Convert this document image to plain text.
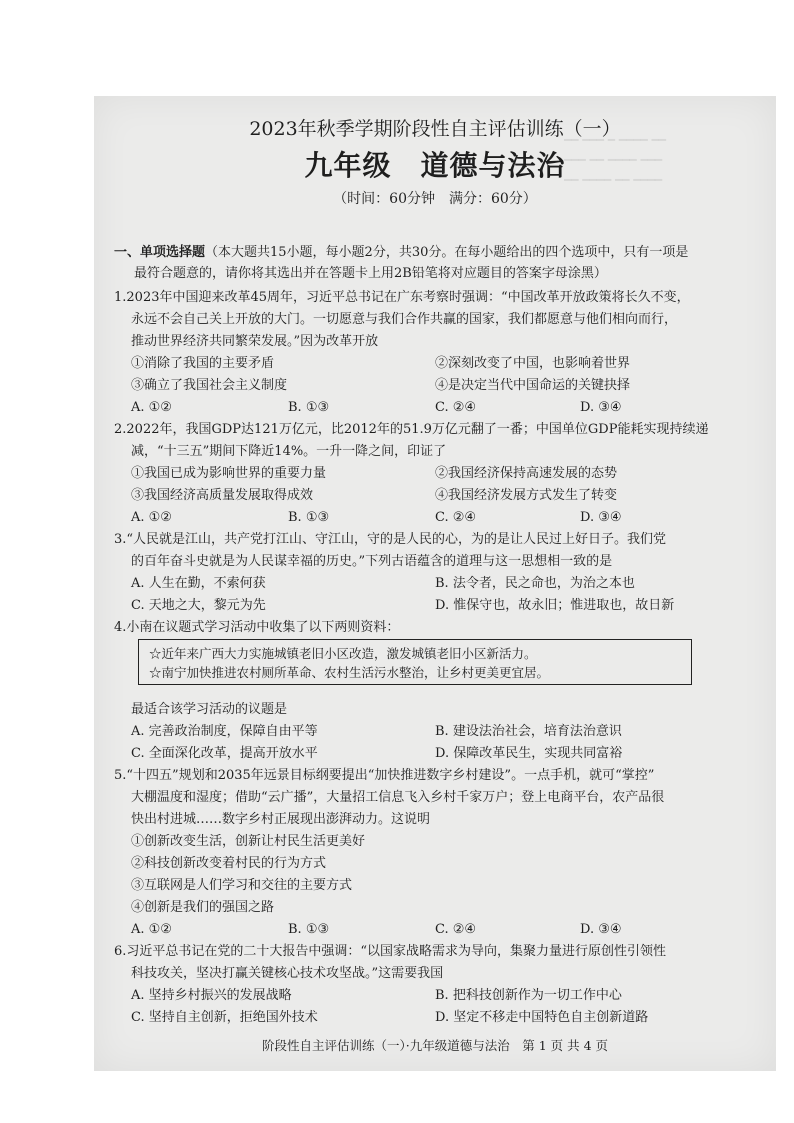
━━ ━━━ ━ ━━━━ ━━
━━━ ━━ ━━━━ ━━━
━━ ━━━━ ━━ ━━━━
2023年秋季学期阶段性自主评估训练（一）
九年级　道德与法治
（时间：60分钟　满分：60分）
一、单项选择题（本大题共15小题，每小题2分，共30分。在每小题给出的四个选项中，只有一项是
最符合题意的，请你将其选出并在答题卡上用2B铅笔将对应题目的答案字母涂黑）
1.2023年中国迎来改革45周年，习近平总书记在广东考察时强调：“中国改革开放政策将长久不变，
永远不会自己关上开放的大门。一切愿意与我们合作共赢的国家，我们都愿意与他们相向而行，
推动世界经济共同繁荣发展。”因为改革开放
①消除了我国的主要矛盾	②深刻改变了中国，也影响着世界
③确立了我国社会主义制度	④是决定当代中国命运的关键抉择
A. ①②	B. ①③	C. ②④	D. ③④
2.2022年，我国GDP达121万亿元，比2012年的51.9万亿元翻了一番；中国单位GDP能耗实现持续递
减，“十三五”期间下降近14%。一升一降之间，印证了
①我国已成为影响世界的重要力量	②我国经济保持高速发展的态势
③我国经济高质量发展取得成效	④我国经济发展方式发生了转变
A. ①②	B. ①③	C. ②④	D. ③④
3.“人民就是江山，共产党打江山、守江山，守的是人民的心，为的是让人民过上好日子。我们党
的百年奋斗史就是为人民谋幸福的历史。”下列古语蕴含的道理与这一思想相一致的是
A. 人生在勤，不索何获	B. 法令者，民之命也，为治之本也
C. 天地之大，黎元为先	D. 惟保守也，故永旧；惟进取也，故日新
4.小南在议题式学习活动中收集了以下两则资料：
☆近年来广西大力实施城镇老旧小区改造，激发城镇老旧小区新活力。
☆南宁加快推进农村厕所革命、农村生活污水整治，让乡村更美更宜居。
最适合该学习活动的议题是
A. 完善政治制度，保障自由平等	B. 建设法治社会，培育法治意识
C. 全面深化改革，提高开放水平	D. 保障改革民生，实现共同富裕
5.“十四五”规划和2035年远景目标纲要提出“加快推进数字乡村建设”。一点手机，就可“掌控”
大棚温度和湿度；借助“云广播”，大量招工信息飞入乡村千家万户；登上电商平台，农产品很
快出村进城……数字乡村正展现出澎湃动力。这说明
①创新改变生活，创新让村民生活更美好
②科技创新改变着村民的行为方式
③互联网是人们学习和交往的主要方式
④创新是我们的强国之路
A. ①②	B. ①③	C. ②④	D. ③④
6.习近平总书记在党的二十大报告中强调：“以国家战略需求为导向，集聚力量进行原创性引领性
科技攻关，坚决打赢关键核心技术攻坚战。”这需要我国
A. 坚持乡村振兴的发展战略	B. 把科技创新作为一切工作中心
C. 坚持自主创新，拒绝国外技术	D. 坚定不移走中国特色自主创新道路
阶段性自主评估训练（一）·九年级道德与法治　第 1 页 共 4 页
